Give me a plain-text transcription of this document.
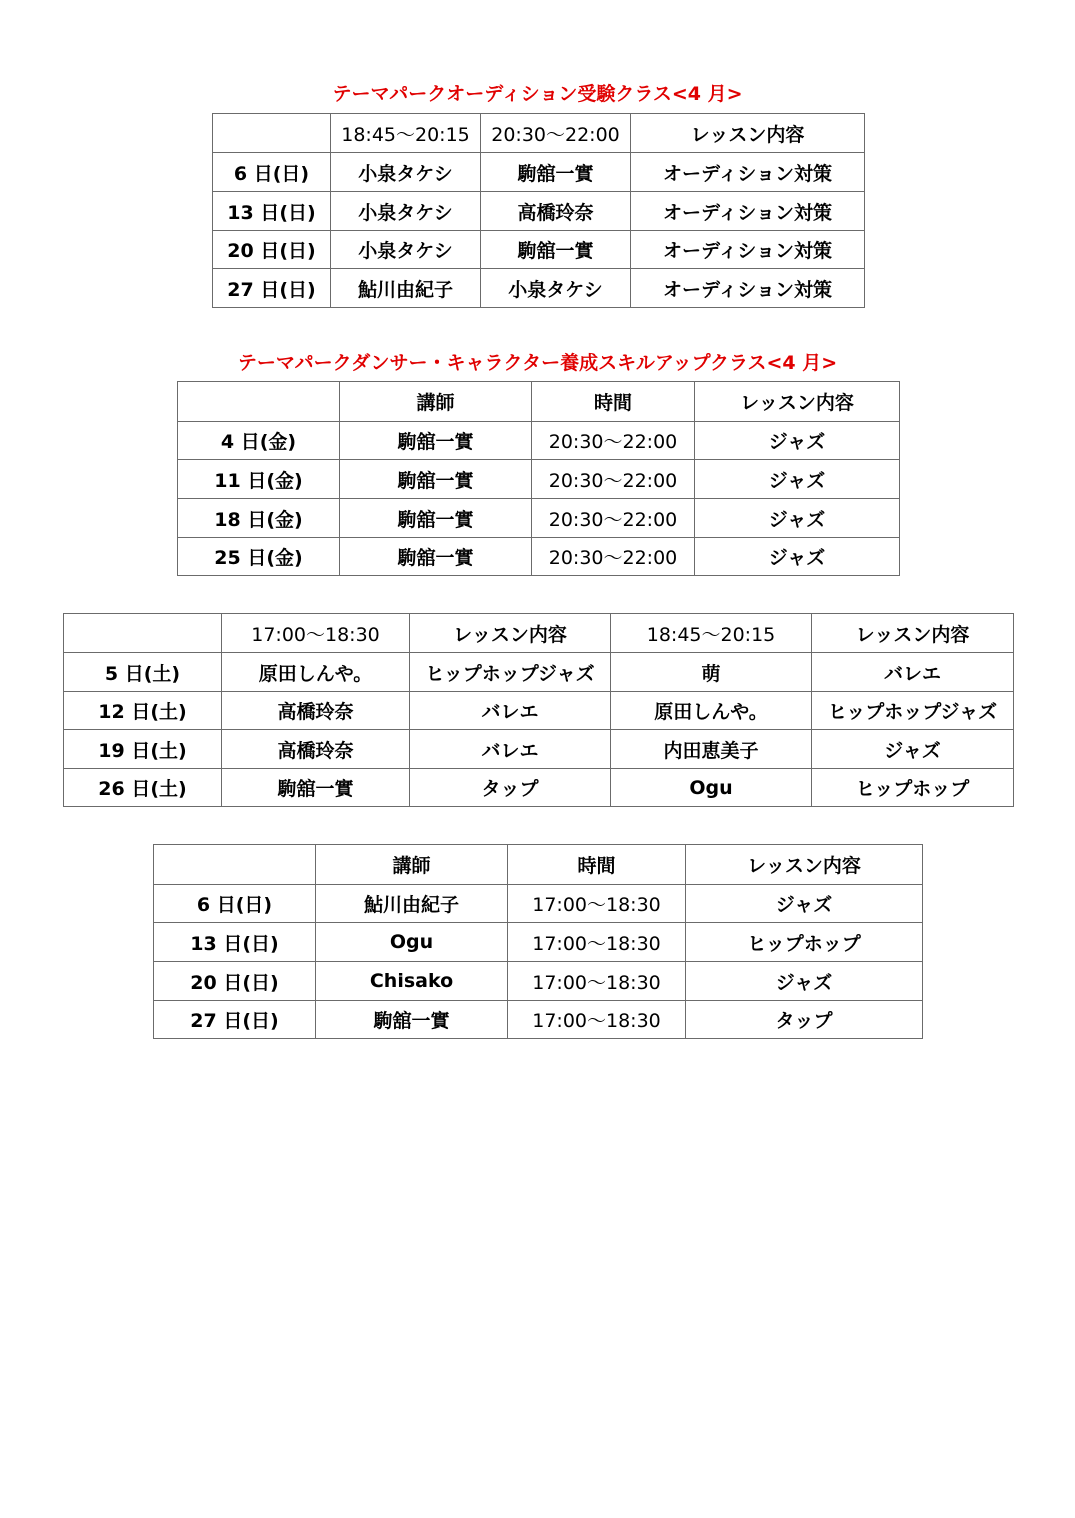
テーマパークオーディション受験クラス<4 月>
	18:45～20:15	20:30～22:00	レッスン内容
6 日(日)	小泉タケシ	駒舘一實	オーディション対策
13 日(日)	小泉タケシ	高橋玲奈	オーディション対策
20 日(日)	小泉タケシ	駒舘一實	オーディション対策
27 日(日)	鮎川由紀子	小泉タケシ	オーディション対策
テーマパークダンサー・キャラクター養成スキルアップクラス<4 月>
	講師	時間	レッスン内容
4 日(金)	駒舘一實	20:30～22:00	ジャズ
11 日(金)	駒舘一實	20:30～22:00	ジャズ
18 日(金)	駒舘一實	20:30～22:00	ジャズ
25 日(金)	駒舘一實	20:30～22:00	ジャズ
	17:00～18:30	レッスン内容	18:45～20:15	レッスン内容
5 日(土)	原田しんや。	ヒップホップジャズ	萌	バレエ
12 日(土)	高橋玲奈	バレエ	原田しんや。	ヒップホップジャズ
19 日(土)	高橋玲奈	バレエ	内田恵美子	ジャズ
26 日(土)	駒舘一實	タップ	Ogu	ヒップホップ
	講師	時間	レッスン内容
6 日(日)	鮎川由紀子	17:00～18:30	ジャズ
13 日(日)	Ogu	17:00～18:30	ヒップホップ
20 日(日)	Chisako	17:00～18:30	ジャズ
27 日(日)	駒舘一實	17:00～18:30	タップ
